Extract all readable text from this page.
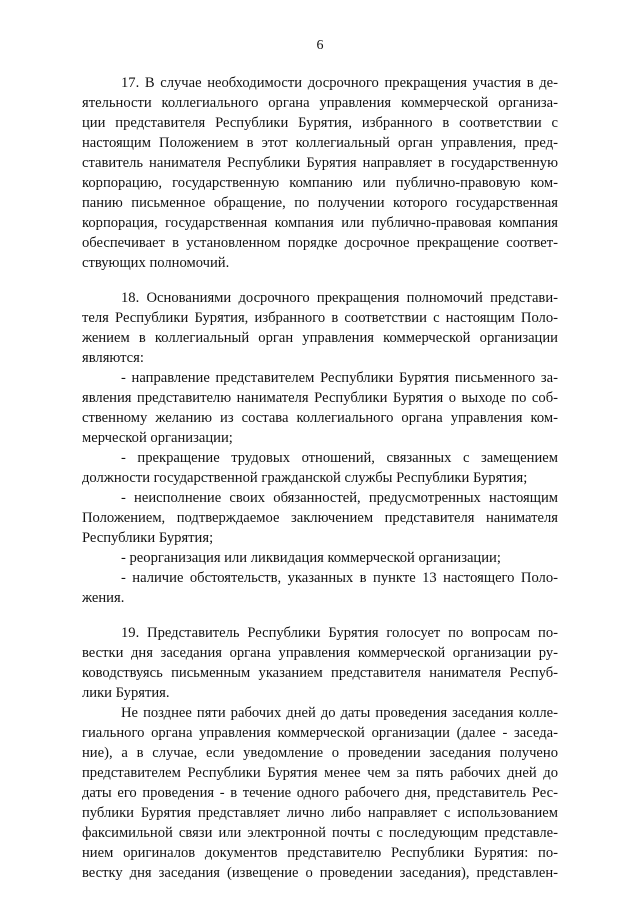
6
17. В случае необходимости досрочного прекращения участия в де-
ятельности коллегиального органа управления коммерческой организа-
ции представителя Республики Бурятия, избранного в соответствии с
настоящим Положением в этот коллегиальный орган управления, пред-
ставитель нанимателя Республики Бурятия направляет в государственную
корпорацию, государственную компанию или публично-правовую ком-
панию письменное обращение, по получении которого государственная
корпорация, государственная компания или публично-правовая компания
обеспечивает в установленном порядке досрочное прекращение соответ-
ствующих полномочий.
18. Основаниями досрочного прекращения полномочий представи-
теля Республики Бурятия, избранного в соответствии с настоящим Поло-
жением в коллегиальный орган управления коммерческой организации
являются:
- направление представителем Республики Бурятия письменного за-
явления представителю нанимателя Республики Бурятия о выходе по соб-
ственному желанию из состава коллегиального органа управления ком-
мерческой организации;
- прекращение трудовых отношений, связанных с замещением
должности государственной гражданской службы Республики Бурятия;
- неисполнение своих обязанностей, предусмотренных настоящим
Положением, подтверждаемое заключением представителя нанимателя
Республики Бурятия;
- реорганизация или ликвидация коммерческой организации;
- наличие обстоятельств, указанных в пункте 13 настоящего Поло-
жения.
19. Представитель Республики Бурятия голосует по вопросам по-
вестки дня заседания органа управления коммерческой организации ру-
ководствуясь письменным указанием представителя нанимателя Респуб-
лики Бурятия.
Не позднее пяти рабочих дней до даты проведения заседания колле-
гиального органа управления коммерческой организации (далее - заседа-
ние), а в случае, если уведомление о проведении заседания получено
представителем Республики Бурятия менее чем за пять рабочих дней до
даты его проведения - в течение одного рабочего дня, представитель Рес-
публики Бурятия представляет лично либо направляет с использованием
факсимильной связи или электронной почты с последующим представле-
нием оригиналов документов представителю Республики Бурятия: по-
вестку дня заседания (извещение о проведении заседания), представлен-
